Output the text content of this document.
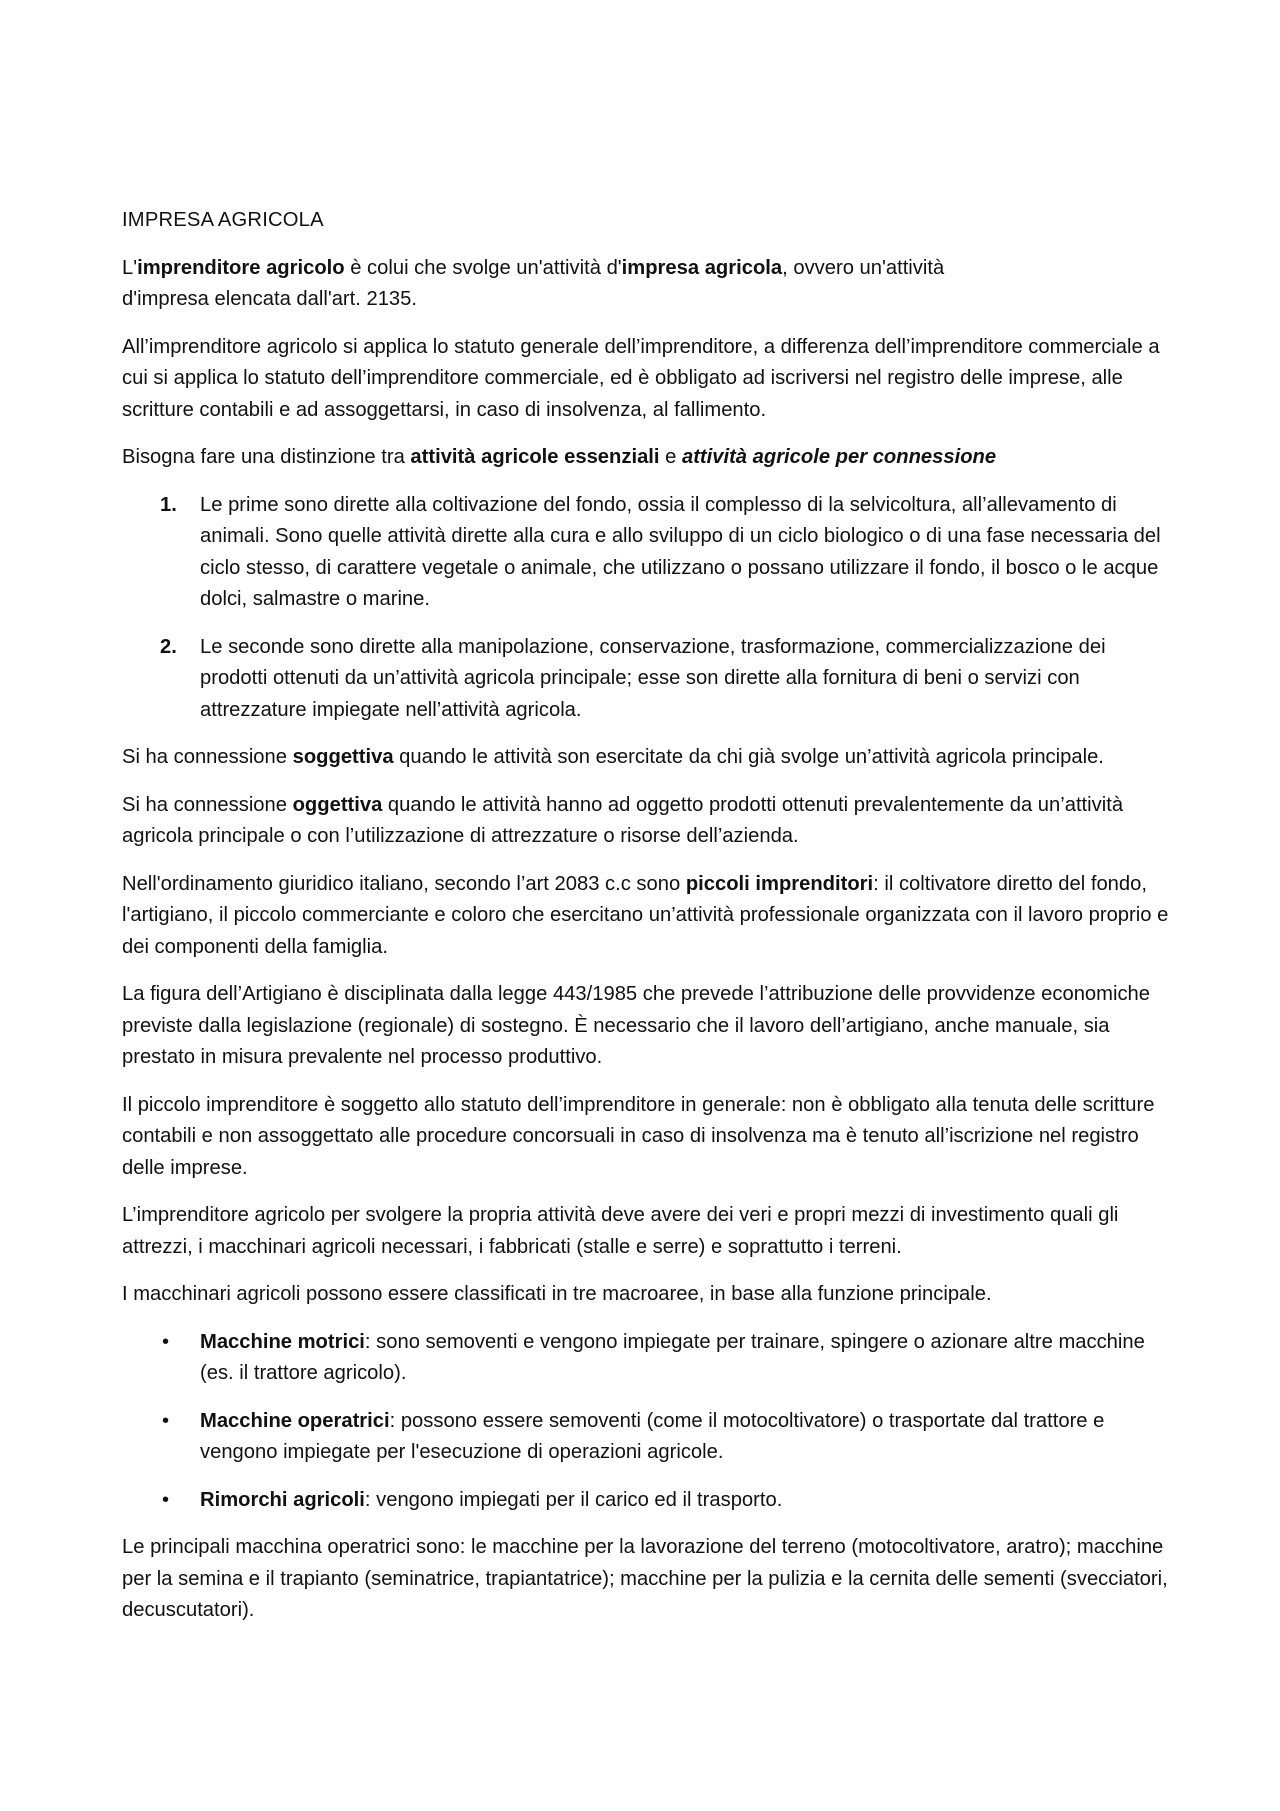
IMPRESA AGRICOLA

L'imprenditore agricolo è colui che svolge un'attività d'impresa agricola, ovvero un'attività d'impresa elencata dall'art. 2135.

All’imprenditore agricolo si applica lo statuto generale dell’imprenditore, a differenza dell’imprenditore commerciale a cui si applica lo statuto dell’imprenditore commerciale, ed è obbligato ad iscriversi nel registro delle imprese, alle scritture contabili e ad assoggettarsi, in caso di insolvenza, al fallimento.

Bisogna fare una distinzione tra attività agricole essenziali e attività agricole per connessione

1. Le prime sono dirette alla coltivazione del fondo, ossia il complesso di la selvicoltura, all’allevamento di animali. Sono quelle attività dirette alla cura e allo sviluppo di un ciclo biologico o di una fase necessaria del ciclo stesso, di carattere vegetale o animale, che utilizzano o possano utilizzare il fondo, il bosco o le acque dolci, salmastre o marine.
2. Le seconde sono dirette alla manipolazione, conservazione, trasformazione, commercializzazione dei prodotti ottenuti da un’attività agricola principale; esse son dirette alla fornitura di beni o servizi con attrezzature impiegate nell’attività agricola.

Si ha connessione soggettiva quando le attività son esercitate da chi già svolge un’attività agricola principale.

Si ha connessione oggettiva quando le attività hanno ad oggetto prodotti ottenuti prevalentemente da un’attività agricola principale o con l’utilizzazione di attrezzature o risorse dell’azienda.

Nell'ordinamento giuridico italiano, secondo l’art 2083 c.c sono piccoli imprenditori: il coltivatore diretto del fondo, l'artigiano, il piccolo commerciante e coloro che esercitano un’attività professionale organizzata con il lavoro proprio e dei componenti della famiglia.

La figura dell’Artigiano è disciplinata dalla legge 443/1985 che prevede l’attribuzione delle provvidenze economiche previste dalla legislazione (regionale) di sostegno. È necessario che il lavoro dell’artigiano, anche manuale, sia prestato in misura prevalente nel processo produttivo.

Il piccolo imprenditore è soggetto allo statuto dell’imprenditore in generale: non è obbligato alla tenuta delle scritture contabili e non assoggettato alle procedure concorsuali in caso di insolvenza ma è tenuto all’iscrizione nel registro delle imprese.

L’imprenditore agricolo per svolgere la propria attività deve avere dei veri e propri mezzi di investimento quali gli attrezzi, i macchinari agricoli necessari, i fabbricati (stalle e serre) e soprattutto i terreni.

I macchinari agricoli possono essere classificati in tre macroaree, in base alla funzione principale.

• Macchine motrici: sono semoventi e vengono impiegate per trainare, spingere o azionare altre macchine (es. il trattore agricolo).
• Macchine operatrici: possono essere semoventi (come il motocoltivatore) o trasportate dal trattore e vengono impiegate per l'esecuzione di operazioni agricole.
• Rimorchi agricoli: vengono impiegati per il carico ed il trasporto.

Le principali macchina operatrici sono: le macchine per la lavorazione del terreno (motocoltivatore, aratro); macchine per la semina e il trapianto (seminatrice, trapiantatrice); macchine per la pulizia e la cernita delle sementi (svecciatori, decuscutatori).
